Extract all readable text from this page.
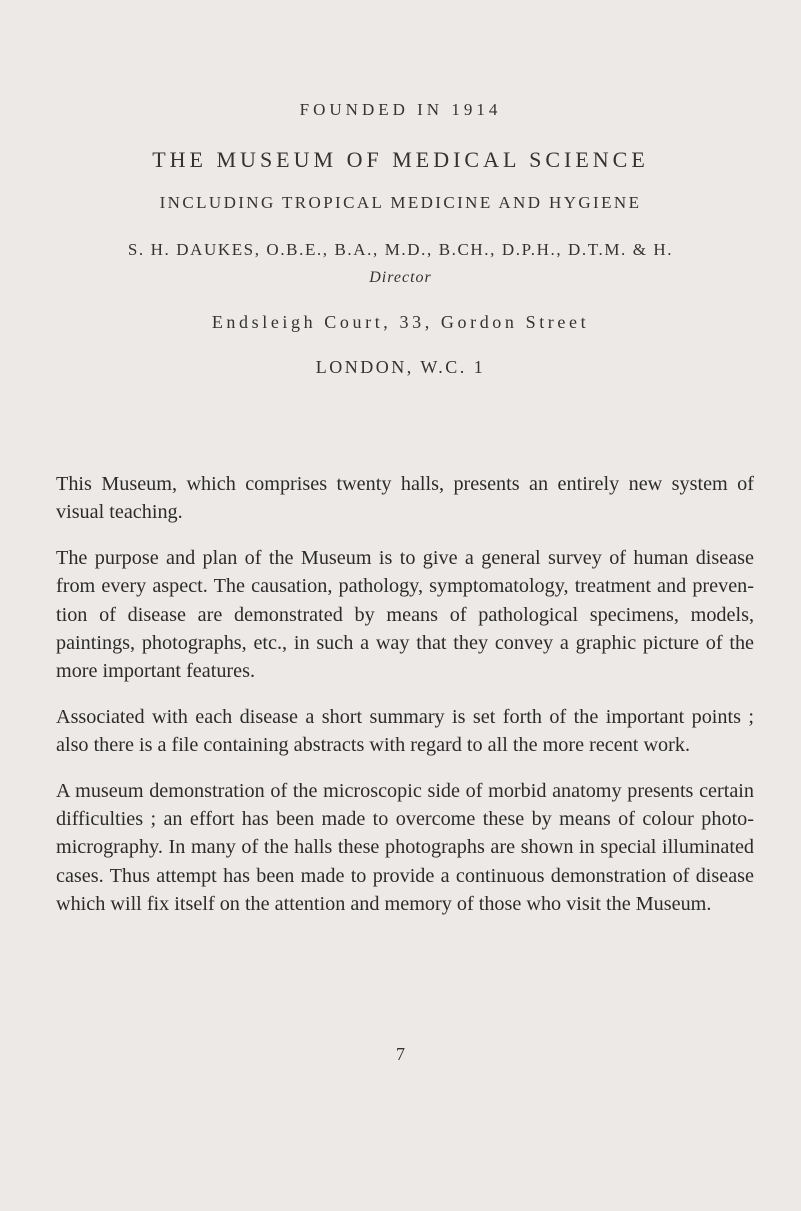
FOUNDED IN 1914
THE MUSEUM OF MEDICAL SCIENCE
INCLUDING TROPICAL MEDICINE AND HYGIENE
S. H. DAUKES, O.B.E., B.A., M.D., B.CH., D.P.H., D.T.M. & H.
Director
Endsleigh Court, 33, Gordon Street
LONDON, W.C. 1

This Museum, which comprises twenty halls, presents an entirely new system of visual teaching.

The purpose and plan of the Museum is to give a general survey of human disease from every aspect. The causation, pathology, symptomatology, treatment and prevention of disease are demonstrated by means of pathological specimens, models, paintings, photographs, etc., in such a way that they convey a graphic picture of the more important features.

Associated with each disease a short summary is set forth of the important points ; also there is a file containing abstracts with regard to all the more recent work.

A museum demonstration of the microscopic side of morbid anatomy presents certain difficulties ; an effort has been made to overcome these by means of colour photo-micrography. In many of the halls these photographs are shown in special illuminated cases. Thus attempt has been made to provide a continuous demonstration of disease which will fix itself on the attention and memory of those who visit the Museum.

7
